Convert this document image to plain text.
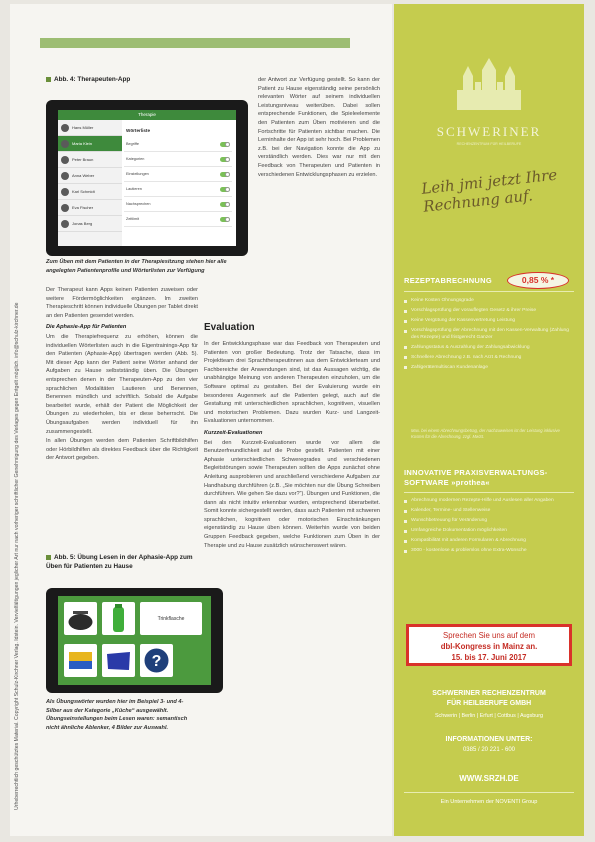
Urheberrechtlich geschütztes Material. Copyright Schulz-Kirchner Verlag. Idstein. Vervielfältigungen jeglicher Art nur nach vorheriger schriftlicher Genehmigung des Verlages gegen Entgelt möglich. info@schulz-kirchner.de
Abb. 4: Therapeuten-App
Therapie
Hans Müller
Maria Klein
Peter Braun
Anna Weber
Karl Schmidt
Eva Fischer
Jonas Berg
Wörterliste
Begriffe
Kategorien
Einstellungen
Lautieren
Nachsprechen
Zeitlimit
Zum Üben mit dem Patienten in der Therapiesitzung stehen hier alle angelegten Patientenprofile und Wörterlisten zur Verfügung

Der Therapeut kann Apps keinen Patienten zuweisen oder weitere Fördermöglichkeiten ergänzen. Im zweiten Therapieschritt können individuelle Übungen per Tablet direkt an den Patienten gesendet werden.

Die Aphasie-App für Patienten

Um die Therapiefrequenz zu erhöhen, können die individuellen Wörterlisten auch in die Eigentrainings-App für den Patienten (Aphasie-App) übertragen werden (Abb. 5). Mit dieser App kann der Patient seine Wörter anhand der Aufgaben zu Hause selbstständig üben. Die Übungen entsprechen denen in der Therapeuten-App zu den vier sprachlichen Modalitäten Lautieren und Benennen, Benennen mündlich und schriftlich. Sobald die Aufgabe bearbeitet wurde, erhält der Patient die Möglichkeit der Übungen zu wiederholen, bis er diese beherrscht. Die Übungsaufgaben werden individuell für ihn zusammengestellt.

In allen Übungen werden dem Patienten Schriftbildhilfen oder Hörbildhilfen als direktes Feedback über die Richtigkeit der Antwort gegeben.

Abb. 5: Übung Lesen in der Aphasie-App zum Üben für Patienten zu Hause
Trinkflasche
?
Als Übungswörter wurden hier im Beispiel 3- und 4-Silber aus der Kategorie „Küche“ ausgewählt. Übungseinstellungen beim Lesen waren: semantisch nicht ähnliche Ablenker, 4 Bilder zur Auswahl.
der Antwort zur Verfügung gestellt. So kann der Patient zu Hause eigenständig seine persönlich relevanten Wörter auf seinem individuellen Leistungsniveau weiterüben. Dabei sollen entsprechende Funktionen, die Spieleelemente den Patienten zum Üben motivieren und die Fortschritte für Patienten sichtbar machen. Die Lerninhalte der App ist sehr hoch. Bei Problemen z.B. bei der Navigation konnte die App zu verständlich werden. Dies war nur mit den Feedback von Therapeuten und Patienten in verschiedenen Entwicklungsphasen zu erzielen.
Evaluation

In der Entwicklungsphase war das Feedback von Therapeuten und Patienten von großer Bedeutung. Trotz der Tatsache, dass im Projektteam drei Sprachtherapeutinnen aus dem Entwicklerteam und Fachbereiche der Anwendungen sind, ist das Aussagen wichtig, die unabhängige Meinung von anderen Therapeuten einzuholen, um die Software optimal zu gestalten. Bei der Evaluierung wurde ein besonderes Augenmerk auf die Patienten gelegt, auch auf die Gestaltung mit unterschiedlichen sprachlichen, kognitiven, visuellen und motorischen Problemen. Dazu wurden Kurz- und Langzeit-Evaluationen unternommen.

Kurzzeit-Evaluationen

Bei den Kurzzeit-Evaluationen wurde vor allem die Benutzerfreundlichkeit auf die Probe gestellt. Patienten mit einer Aphasie unterschiedlichen Schweregrades und verschiedenen Begleitstörungen sowie Therapeuten sollten die Apps zunächst ohne Anleitung ausprobieren und anschließend verschiedene Aufgaben zur Handhabung durchführen (z.B. „Sie möchten nur die Übung Schreiben durchführen. Wie gehen Sie dazu vor?“). Übungen und Funktionen, die dann als nicht intuitiv erkennbar wurden, entsprechend überarbeitet. Somit konnte sichergestellt werden, dass auch Patienten mit schweren sprachlichen, kognitiven oder motorischen Einschränkungen eigenständig zu Hause üben können. Weiterhin wurde von beiden Gruppen Feedback gegeben, welche Funktionen zum Üben in der Therapie und zu Hause zusätzlich wünschenswert wären.

SCHWERINER
RECHENZENTRUM FÜR HEILBERUFE
Leih jmi jetzt Ihre Rechnung auf.
REZEPTABRECHNUNG	0,85 % *
Keine Kosten Ohnungsgrade
Vorschlagsprüfung der vorauflegten Gesetz & ihrer Preise
Keine Vergütung der Kassenvertretung Leistung
Vorschlagsprüfung der Abrechnung mit den Kassen-Verwaltung (Zahlung des Rezepte) und fristgerecht Ganzer
Zahlungsstatus & Auszahlung der Zahlungsabwicklung
Schnellere Abrechnung z.B. nach Arzt & Rechnung
Zahlgerätemultiscan Kundenanlage
Max. bei einem Abrechnungsbetrag, der nachzuweisen ist der Leistung inklusive Kosten für die Abrechnung, zzgl. MwSt.
INNOVATIVE PRAXISVERWALTUNGS-SOFTWARE »prothea«
Abrechnung modernen Rezepte-Hilfe und Auslesen aller Angaben
Kalender, Termine- und Stellenweise
Wunschbetreuung für Veränderung
Umfangreiche Dokumentation möglichkeiten
Kompatibilität mit anderen Formularen & Abrechnung
3000 - kostenlose & problemlos ohne Extra-Wünsche
Sprechen Sie uns auf dem
dbl-Kongress in Mainz an.
15. bis 17. Juni 2017
SCHWERINER RECHENZENTRUM
FÜR HEILBERUFE GMBH
Schwerin | Berlin | Erfurt | Cottbus | Augsburg
INFORMATIONEN UNTER:
0385 / 20 221 - 600
WWW.SRZH.DE
Ein Unternehmen der NOVENTI Group
